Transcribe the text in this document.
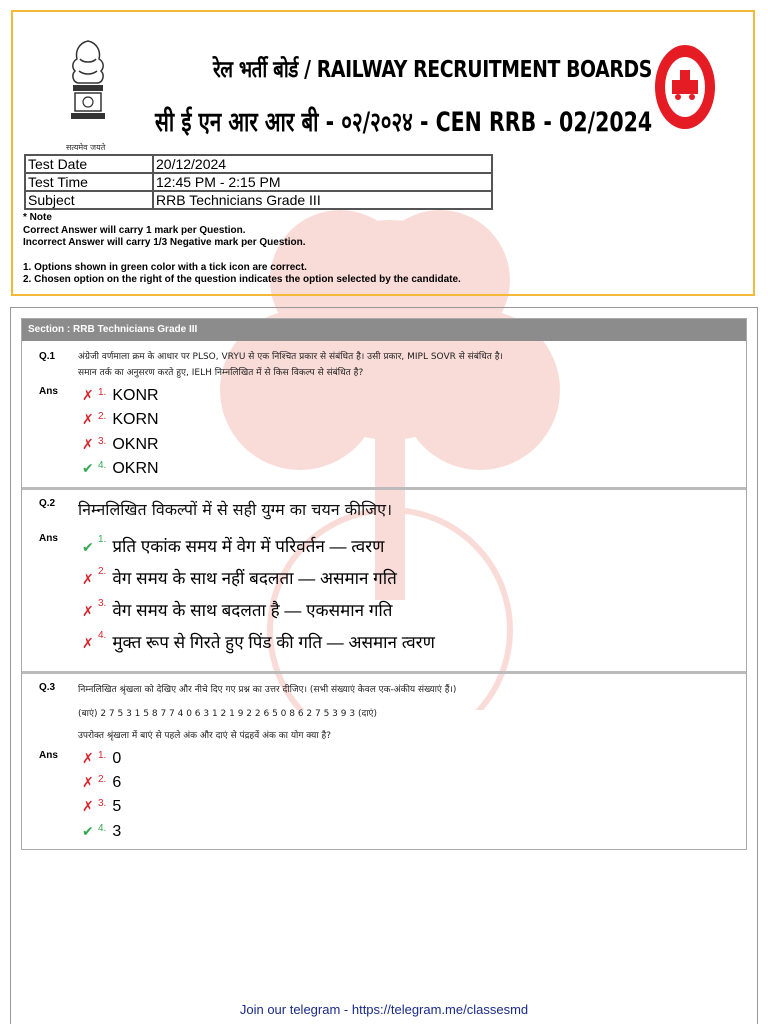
सत्यमेव जयते
रेल भर्ती बोर्ड / RAILWAY RECRUITMENT BOARDS
सी ई एन आर आर बी - ०२/२०२४ - CEN RRB - 02/2024
Test Date	20/12/2024
Test Time	12:45 PM - 2:15 PM
Subject	RRB Technicians Grade III
* Note
Correct Answer will carry 1 mark per Question.
Incorrect Answer will carry 1/3 Negative mark per Question.
1. Options shown in green color with a tick icon are correct.
2. Chosen option on the right of the question indicates the option selected by the candidate.
Section : RRB Technicians Grade III
Q.1	अंग्रेजी वर्णमाला क्रम के आधार पर PLSO, VRYU से एक निश्चित प्रकार से संबंधित है। उसी प्रकार, MIPL SOVR से संबंधित है।
समान तर्क का अनुसरण करते हुए, IELH निम्नलिखित में से किस विकल्प से संबंधित है?
Ans ✗ 1. KONR
✗ 2. KORN
✗ 3. OKNR
✔ 4. OKRN
Q.2 निम्नलिखित विकल्पों में से सही युग्म का चयन कीजिए।
Ans
✔ 1. प्रति एकांक समय में वेग में परिवर्तन — त्वरण
✗ 2. वेग समय के साथ नहीं बदलता — असमान गति
✗ 3. वेग समय के साथ बदलता है — एकसमान गति
✗ 4. मुक्त रूप से गिरते हुए पिंड की गति — असमान त्वरण
Q.3	निम्नलिखित श्रृंखला को देखिए और नीचे दिए गए प्रश्न का उत्तर दीजिए। (सभी संख्याएं केवल एक-अंकीय संख्याएं हैं।)
(बाएं) 2 7 5 3 1 5 8 7 7 4 0 6 3 1 2 1 9 2 2 6 5 0 8 6 2 7 5 3 9 3 (दाएं)
उपरोक्त श्रृंखला में बाएं से पहले अंक और दाएं से पंद्रहवें अंक का योग क्या है?
Ans ✗ 1. 0
✗ 2. 6
✗ 3. 5
✔ 4. 3
Join our telegram - https://telegram.me/classesmd
